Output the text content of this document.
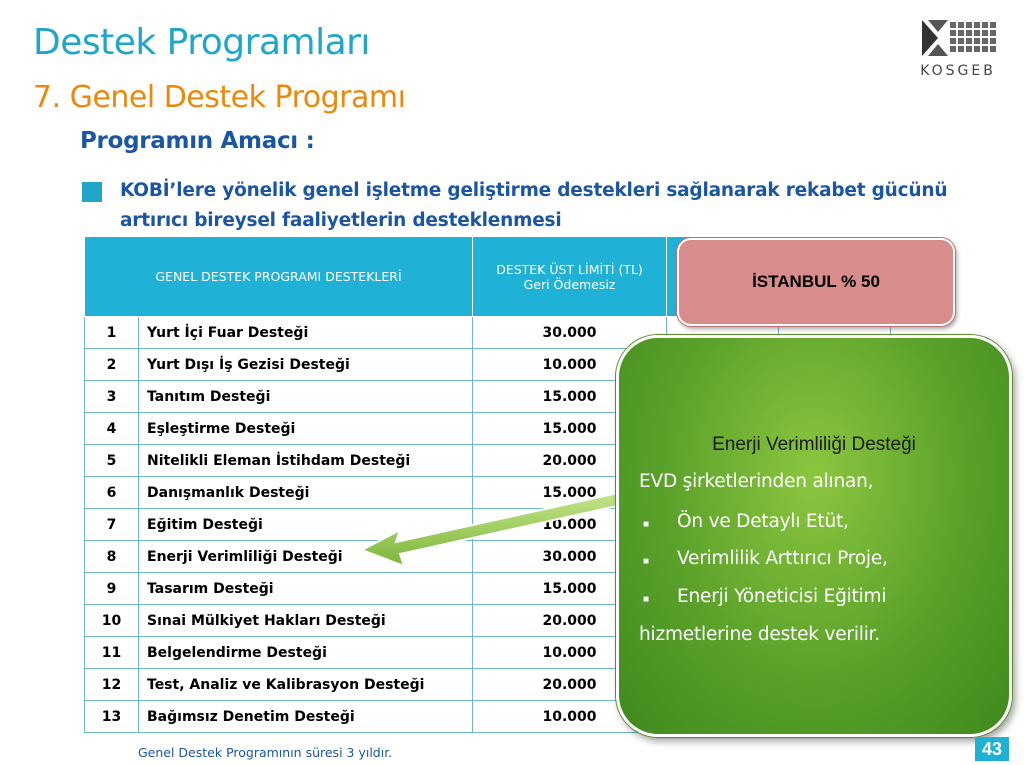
Destek Programları
7. Genel Destek Programı
Programın Amacı :
KOBİ’lere yönelik genel işletme geliştirme destekleri sağlanarak rekabet gücünü artırıcı bireysel faaliyetlerin desteklenmesi
KOSGEB
GENEL DESTEK PROGRAMI DESTEKLERİ		DESTEK ÜST LİMİTİ (TL)
Geri Ödemesiz		
1	Yurt İçi Fuar Desteği	30.000		
2	Yurt Dışı İş Gezisi Desteği	10.000		
3	Tanıtım Desteği	15.000		
4	Eşleştirme Desteği	15.000		
5	Nitelikli Eleman İstihdam Desteği	20.000		
6	Danışmanlık Desteği	15.000		
7	Eğitim Desteği	10.000		
8	Enerji Verimliliği Desteği	30.000		
9	Tasarım Desteği	15.000		
10	Sınai Mülkiyet Hakları Desteği	20.000		
11	Belgelendirme Desteği	10.000		
12	Test, Analiz ve Kalibrasyon Desteği	20.000		
13	Bağımsız Denetim Desteği	10.000		
İSTANBUL % 50
Enerji Verimliliği Desteği
EVD şirketlerinden alınan,
■ Ön ve Detaylı Etüt,
■ Verimlilik Arttırıcı Proje,
■ Enerji Yöneticisi Eğitimi
hizmetlerine destek verilir.
Genel Destek Programının süresi 3 yıldır.	43
